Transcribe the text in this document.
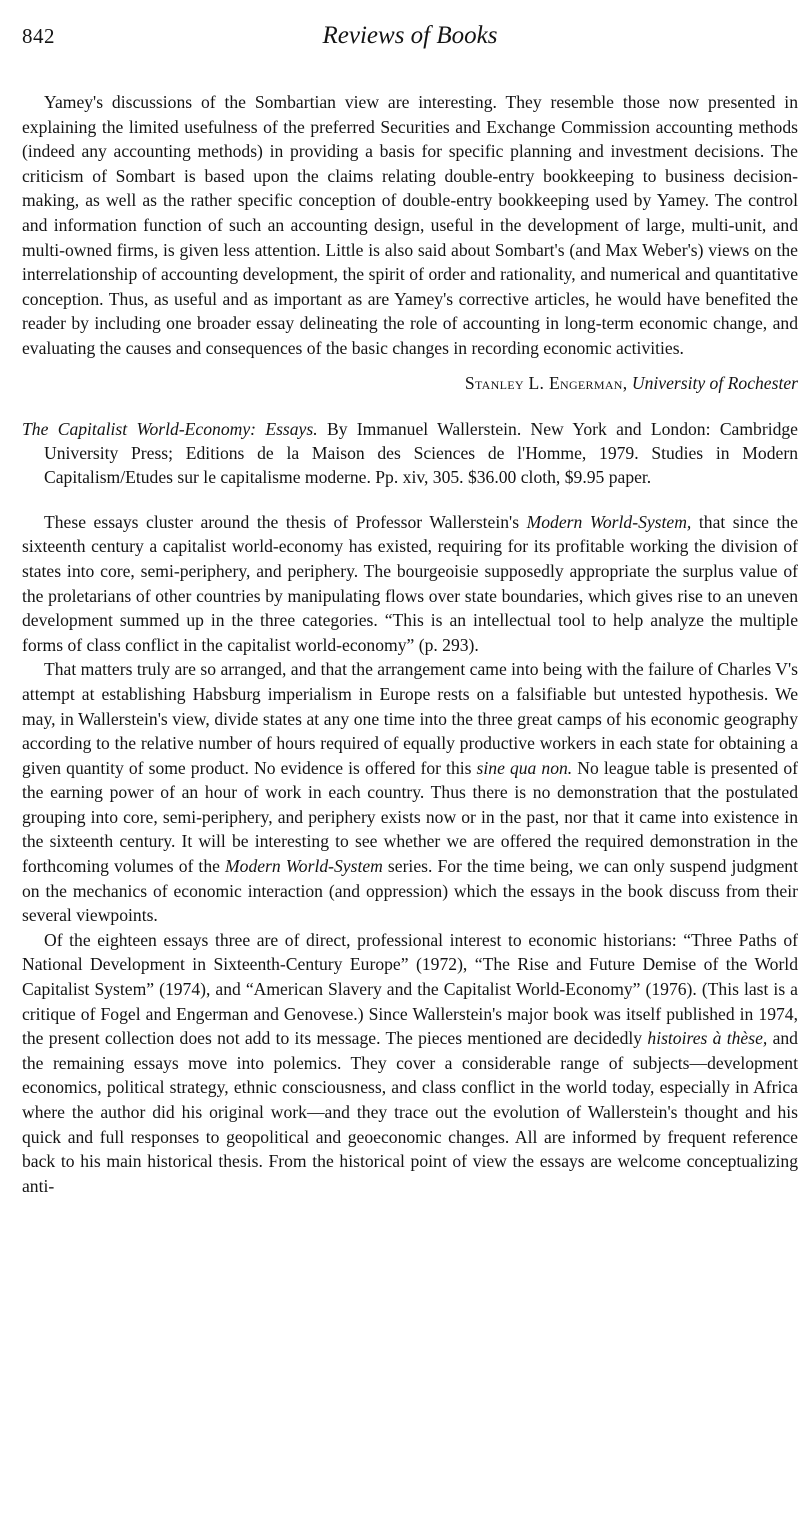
842	Reviews of Books

Yamey's discussions of the Sombartian view are interesting. They resemble those now presented in explaining the limited usefulness of the preferred Securities and Exchange Commission accounting methods (indeed any accounting methods) in providing a basis for specific planning and investment decisions. The criticism of Sombart is based upon the claims relating double-entry bookkeeping to business decision-making, as well as the rather specific conception of double-entry bookkeeping used by Yamey. The control and information function of such an accounting design, useful in the development of large, multi-unit, and multi-owned firms, is given less attention. Little is also said about Sombart's (and Max Weber's) views on the interrelationship of accounting development, the spirit of order and rationality, and numerical and quantitative conception. Thus, as useful and as important as are Yamey's corrective articles, he would have benefited the reader by including one broader essay delineating the role of accounting in long-term economic change, and evaluating the causes and consequences of the basic changes in recording economic activities.

Stanley L. Engerman, University of Rochester
The Capitalist World-Economy: Essays. By Immanuel Wallerstein. New York and London: Cambridge University Press; Editions de la Maison des Sciences de l'Homme, 1979. Studies in Modern Capitalism/Etudes sur le capitalisme moderne. Pp. xiv, 305. $36.00 cloth, $9.95 paper.

These essays cluster around the thesis of Professor Wallerstein's Modern World-System, that since the sixteenth century a capitalist world-economy has existed, requiring for its profitable working the division of states into core, semi-periphery, and periphery. The bourgeoisie supposedly appropriate the surplus value of the proletarians of other countries by manipulating flows over state boundaries, which gives rise to an uneven development summed up in the three categories. “This is an intellectual tool to help analyze the multiple forms of class conflict in the capitalist world-economy” (p. 293).

That matters truly are so arranged, and that the arrangement came into being with the failure of Charles V's attempt at establishing Habsburg imperialism in Europe rests on a falsifiable but untested hypothesis. We may, in Wallerstein's view, divide states at any one time into the three great camps of his economic geography according to the relative number of hours required of equally productive workers in each state for obtaining a given quantity of some product. No evidence is offered for this sine qua non. No league table is presented of the earning power of an hour of work in each country. Thus there is no demonstration that the postulated grouping into core, semi-periphery, and periphery exists now or in the past, nor that it came into existence in the sixteenth century. It will be interesting to see whether we are offered the required demonstration in the forthcoming volumes of the Modern World-System series. For the time being, we can only suspend judgment on the mechanics of economic interaction (and oppression) which the essays in the book discuss from their several viewpoints.

Of the eighteen essays three are of direct, professional interest to economic historians: “Three Paths of National Development in Sixteenth-Century Europe” (1972), “The Rise and Future Demise of the World Capitalist System” (1974), and “American Slavery and the Capitalist World-Economy” (1976). (This last is a critique of Fogel and Engerman and Genovese.) Since Wallerstein's major book was itself published in 1974, the present collection does not add to its message. The pieces mentioned are decidedly histoires à thèse, and the remaining essays move into polemics. They cover a considerable range of subjects—development economics, political strategy, ethnic consciousness, and class conflict in the world today, especially in Africa where the author did his original work—and they trace out the evolution of Wallerstein's thought and his quick and full responses to geopolitical and geoeconomic changes. All are informed by frequent reference back to his main historical thesis. From the historical point of view the essays are welcome conceptualizing anti-
